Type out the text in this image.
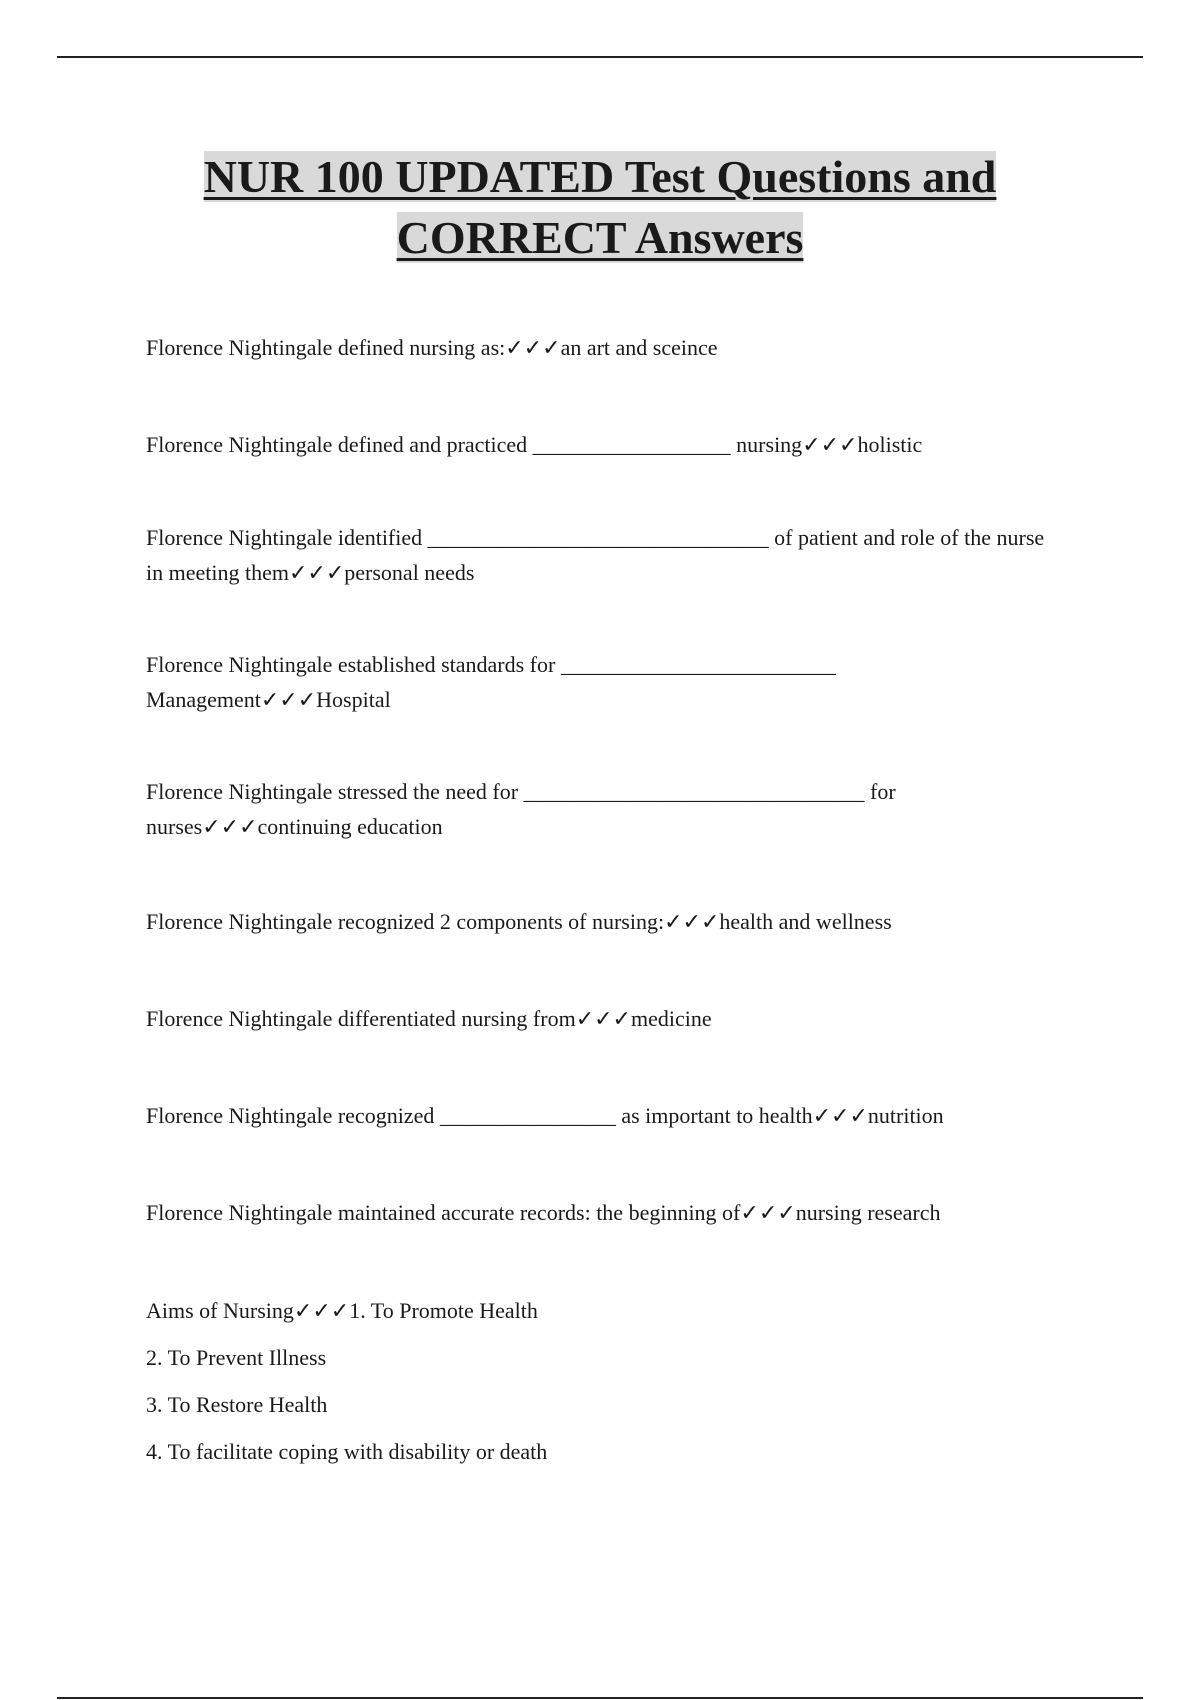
NUR 100 UPDATED Test Questions and
CORRECT Answers

Florence Nightingale defined nursing as:✓✓✓an art and sceince

Florence Nightingale defined and practiced __________________ nursing✓✓✓holistic

Florence Nightingale identified _______________________________ of patient and role of the nurse in meeting them✓✓✓personal needs

Florence Nightingale established standards for _________________________ Management✓✓✓Hospital

Florence Nightingale stressed the need for _______________________________ for nurses✓✓✓continuing education

Florence Nightingale recognized 2 components of nursing:✓✓✓health and wellness

Florence Nightingale differentiated nursing from✓✓✓medicine

Florence Nightingale recognized ________________ as important to health✓✓✓nutrition

Florence Nightingale maintained accurate records: the beginning of✓✓✓nursing research

Aims of Nursing✓✓✓1. To Promote Health

2. To Prevent Illness

3. To Restore Health

4. To facilitate coping with disability or death
